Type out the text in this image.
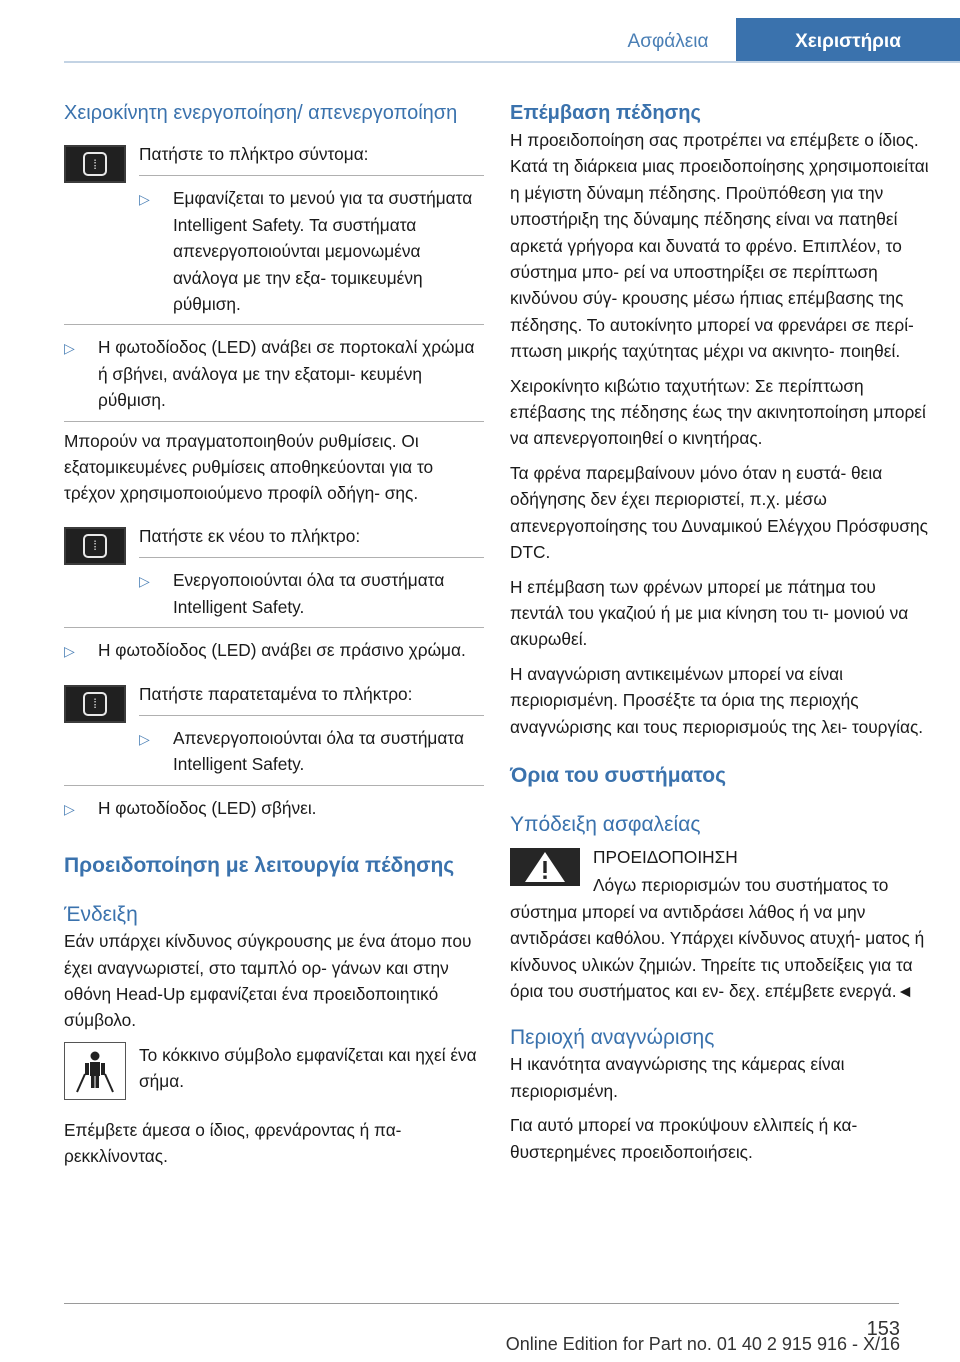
Ασφάλεια	Χειριστήρια
Χειροκίνητη ενεργοποίηση/ απενεργοποίηση
⁞	Πατήστε το πλήκτρο σύντομα:
▷	Εμφανίζεται το μενού για τα συστήματα Intelligent Safety. Τα συστήματα απενεργοποιούνται μεμονωμένα ανάλογα με την εξα- τομικευμένη ρύθμιση.
▷	Η φωτοδίοδος (LED) ανάβει σε πορτοκαλί χρώμα ή σβήνει, ανάλογα με την εξατομι- κευμένη ρύθμιση.
Μπορούν να πραγματοποιηθούν ρυθμίσεις. Οι εξατομικευμένες ρυθμίσεις αποθηκεύονται για το τρέχον χρησιμοποιούμενο προφίλ οδήγη- σης.
⁞	Πατήστε εκ νέου το πλήκτρο:
▷	Ενεργοποιούνται όλα τα συστήματα Intelligent Safety.
▷	Η φωτοδίοδος (LED) ανάβει σε πράσινο χρώμα.
⁞	Πατήστε παρατεταμένα το πλήκτρο:
▷	Απενεργοποιούνται όλα τα συστήματα Intelligent Safety.
▷	Η φωτοδίοδος (LED) σβήνει.
Προειδοποίηση με λειτουργία πέδησης
Ένδειξη
Εάν υπάρχει κίνδυνος σύγκρουσης με ένα άτομο που έχει αναγνωριστεί, στο ταμπλό ορ- γάνων και στην οθόνη Head-Up εμφανίζεται ένα προειδοποιητικό σύμβολο.
Το κόκκινο σύμβολο εμφανίζεται και ηχεί ένα σήμα.
Επέμβετε άμεσα ο ίδιος, φρενάροντας ή πα- ρεκκλίνοντας.
Επέμβαση πέδησης
Η προειδοποίηση σας προτρέπει να επέμβετε ο ίδιος. Κατά τη διάρκεια μιας προειδοποίησης χρησιμοποιείται η μέγιστη δύναμη πέδησης. Προϋπόθεση για την υποστήριξη της δύναμης πέδησης είναι να πατηθεί αρκετά γρήγορα και δυνατά το φρένο. Επιπλέον, το σύστημα μπο- ρεί να υποστηρίξει σε περίπτωση κινδύνου σύγ- κρουσης μέσω ήπιας επέμβασης της πέδησης. Το αυτοκίνητο μπορεί να φρενάρει σε περί- πτωση μικρής ταχύτητας μέχρι να ακινητο- ποιηθεί.
Χειροκίνητο κιβώτιο ταχυτήτων: Σε περίπτωση επέβασης της πέδησης έως την ακινητοποίηση μπορεί να απενεργοποιηθεί ο κινητήρας.
Τα φρένα παρεμβαίνουν μόνο όταν η ευστά- θεια οδήγησης δεν έχει περιοριστεί, π.χ. μέσω απενεργοποίησης του Δυναμικού Ελέγχου Πρόσφυσης DTC.
Η επέμβαση των φρένων μπορεί με πάτημα του πεντάλ του γκαζιού ή με μια κίνηση του τι- μονιού να ακυρωθεί.
Η αναγνώριση αντικειμένων μπορεί να είναι περιορισμένη. Προσέξτε τα όρια της περιοχής αναγνώρισης και τους περιορισμούς της λει- τουργίας.
Όρια του συστήματος
Υπόδειξη ασφαλείας
ΠΡΟΕΙΔΟΠΟΙΗΣΗ
Λόγω περιορισμών του συστήματος το
σύστημα μπορεί να αντιδράσει λάθος ή να μην αντιδράσει καθόλου. Υπάρχει κίνδυνος ατυχή- ματος ή κίνδυνος υλικών ζημιών. Τηρείτε τις υποδείξεις για τα όρια του συστήματος και εν- δεχ. επέμβετε ενεργά.◄
Περιοχή αναγνώρισης
Η ικανότητα αναγνώρισης της κάμερας είναι περιορισμένη.
Για αυτό μπορεί να προκύψουν ελλιπείς ή κα- θυστερημένες προειδοποιήσεις.
153
Online Edition for Part no. 01 40 2 915 916 - X/16
